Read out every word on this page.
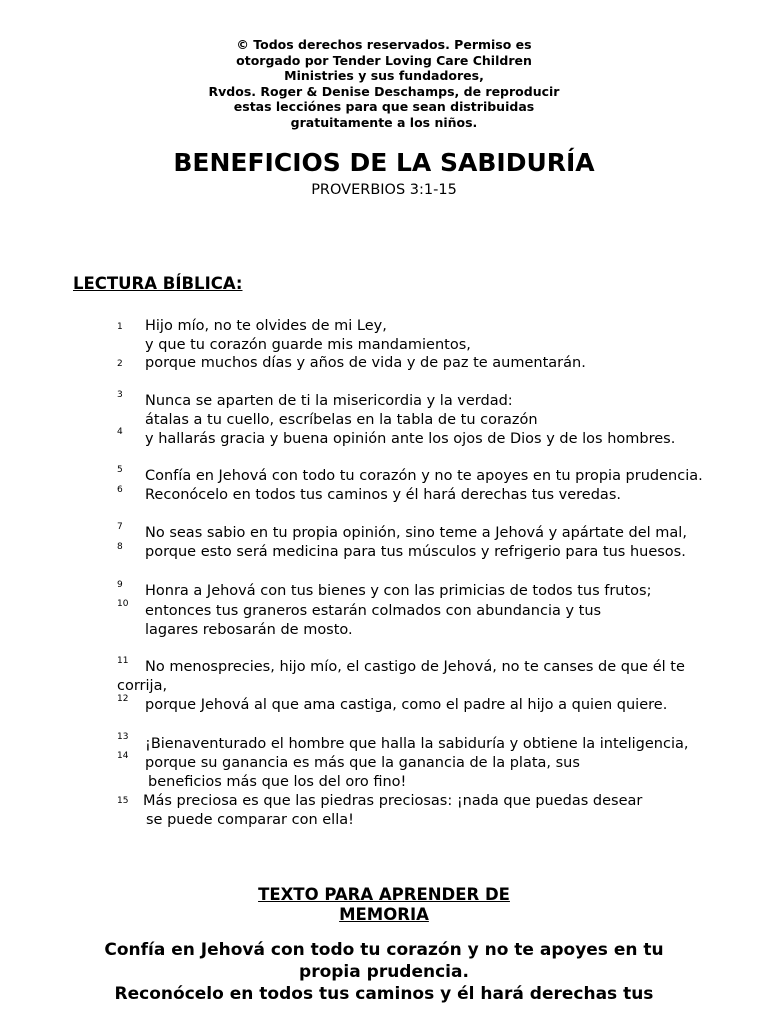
© Todos derechos reservados. Permiso es
otorgado por Tender Loving Care Children
Ministries y sus fundadores,
Rvdos. Roger & Denise Deschamps, de reproducir
estas lecciónes para que sean distribuidas
gratuitamente a los niños.
BENEFICIOS DE LA SABIDURÍA
PROVERBIOS 3:1-15
LECTURA BÍBLICA:
1
2
3
4
5
6
7
8
9
10
11
12
13
14
15
Hijo mío, no te olvides de mi Ley,
y que tu corazón guarde mis mandamientos,
porque muchos días y años de vida y de paz te aumentarán.
Nunca se aparten de ti la misericordia y la verdad:
átalas a tu cuello, escríbelas en la tabla de tu corazón
y hallarás gracia y buena opinión ante los ojos de Dios y de los hombres.
Confía en Jehová con todo tu corazón y no te apoyes en tu propia prudencia.
Reconócelo en todos tus caminos y él hará derechas tus veredas.
No seas sabio en tu propia opinión, sino teme a Jehová y apártate del mal,
porque esto será medicina para tus músculos y refrigerio para tus huesos.
Honra a Jehová con tus bienes y con las primicias de todos tus frutos;
entonces tus graneros estarán colmados con abundancia y tus
lagares rebosarán de mosto.
No menosprecies, hijo mío, el castigo de Jehová, no te canses de que él te
corrija,
porque Jehová al que ama castiga, como el padre al hijo a quien quiere.
¡Bienaventurado el hombre que halla la sabiduría y obtiene la inteligencia,
porque su ganancia es más que la ganancia de la plata, sus
beneficios más que los del oro fino!
Más preciosa es que las piedras preciosas: ¡nada que puedas desear
se puede comparar con ella!
TEXTO PARA APRENDER DE
MEMORIA
Confía en Jehová con todo tu corazón y no te apoyes en tu
propia prudencia.
Reconócelo en todos tus caminos y él hará derechas tus
